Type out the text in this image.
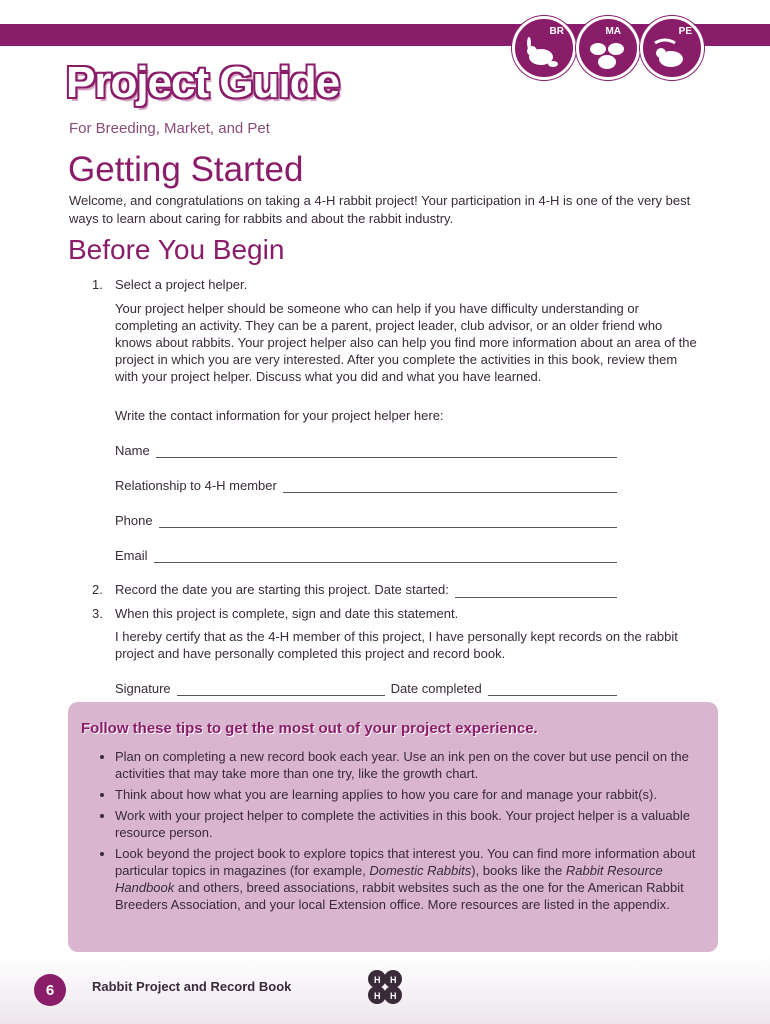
BR	MA	PE
Project Guide
For Breeding, Market, and Pet
Getting Started
Welcome, and congratulations on taking a 4-H rabbit project! Your participation in 4-H is one of the very best ways to learn about caring for rabbits and about the rabbit industry.
Before You Begin
1. Select a project helper.
Your project helper should be someone who can help if you have difficulty understanding or completing an activity. They can be a parent, project leader, club advisor, or an older friend who knows about rabbits. Your project helper also can help you find more information about an area of the project in which you are very interested. After you complete the activities in this book, review them with your project helper. Discuss what you did and what you have learned.
Write the contact information for your project helper here:
Name
Relationship to 4-H member
Phone
Email
2. Record the date you are starting this project. Date started:
3. When this project is complete, sign and date this statement.
I hereby certify that as the 4-H member of this project, I have personally kept records on the rabbit project and have personally completed this project and record book.
Signature	Date completed
Follow these tips to get the most out of your project experience.
• Plan on completing a new record book each year. Use an ink pen on the cover but use pencil on the activities that may take more than one try, like the growth chart.
• Think about how what you are learning applies to how you care for and manage your rabbit(s).
• Work with your project helper to complete the activities in this book. Your project helper is a valuable resource person.
• Look beyond the project book to explore topics that interest you. You can find more information about particular topics in magazines (for example, Domestic Rabbits), books like the Rabbit Resource Handbook and others, breed associations, rabbit websites such as the one for the American Rabbit Breeders Association, and your local Extension office. More resources are listed in the appendix.
6	Rabbit Project and Record Book	H H
H H
